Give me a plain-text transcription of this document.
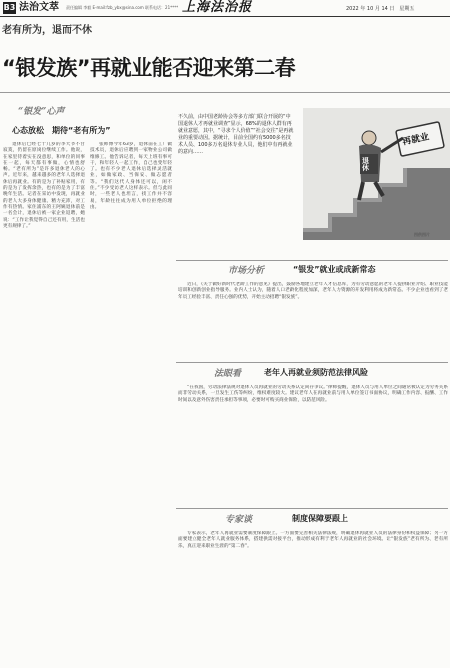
B3 法治文萃 责任编辑 李毅 E-mail:fzb_ybx@sina.com 联系电话：21**** 上海法治报	2022 年 10 月 14 日　星期五
老有所为，退而不休
“银发族”再就业能否迎来第二春
再就业
退休
图供图片
不久前，由中国老龄协会等多方部门联合开展的“中国退休人才再就业调查”显示，68%的退休人群有再就业意愿，其中，“寻求个人价值”“社会交往”是再就业的重要动因。据统计，目前全国约有5000多名技术人员、100多万名退休专业人员，他们中有再就业的意向……
“银发”心声
心态放松　期待“老有所为”

退休后已经七十几岁的李大爷不甘寂寞，仍留在原岗位继续工作。他说，在家里待着实在没意思，和单位的同事在一起，每天都有事做，心情也舒畅。“老有所为”是许多退休老人的心声。近年来，越来越多的老年人选择退休后再就业。有的是为了补贴家用，有的是为了发挥余热，也有的是为了丰富晚年生活。记者在采访中发现，再就业的老人大多身体健康、精力充沛，对工作有热情。家住浦东的王阿姨退休前是一名会计，退休后被一家企业返聘，她说：“工作让我觉得自己还有用，生活也更有规律了。”

张师傅今年63岁，退休前在工厂做技术员，退休后应聘到一家物业公司做维修工。他告诉记者，每天上班有事可干，和年轻人一起工作，自己也变年轻了。也有不少老人退休后选择灵活就业，如做家政、当保安、做志愿者等。“我们这代人身体还可以，闲不住。”不少受访老人这样表示。但与此同时，一些老人也坦言，找工作并不容易，年龄往往成为用人单位拒绝的理由。

市场分析	“银发”就业或成新常态

近日，《关于做好新时代老龄工作的意见》提出，鼓励各地建立老年人才信息库，为有劳动意愿的老年人提供职业介绍、职业技能培训和创新创业指导服务。业内人士认为，随着人口老龄化程度加深，老年人力资源的开发利用将成为新常态。不少企业也看到了老年员工经验丰富、责任心强的优势，开始主动招聘“银发族”。

法眼看	老年人再就业须防范法律风险

“在我国，劳动法律法规对退休人员再就业的劳动关系认定尚存争议。”律师提醒，退休人员与用人单位之间通常被认定为劳务关系而非劳动关系，一旦发生工伤等纠纷，维权难度较大。建议老年人在再就业前与用人单位签订书面协议，明确工作内容、报酬、工作时间以及意外伤害责任承担等事项，必要时可购买商业保险，以防范风险。

专家谈	制度保障要跟上

专家表示，老年人再就业需要制度保障跟上。一方面要完善相关法律法规，明确退休再就业人员的法律身份和权益保障；另一方面要建立健全老年人就业服务体系，搭建供需对接平台，推动形成有利于老年人再就业的社会环境。让“银发族”老有所为、老有所乐，真正迎来职业生涯的“第二春”。
